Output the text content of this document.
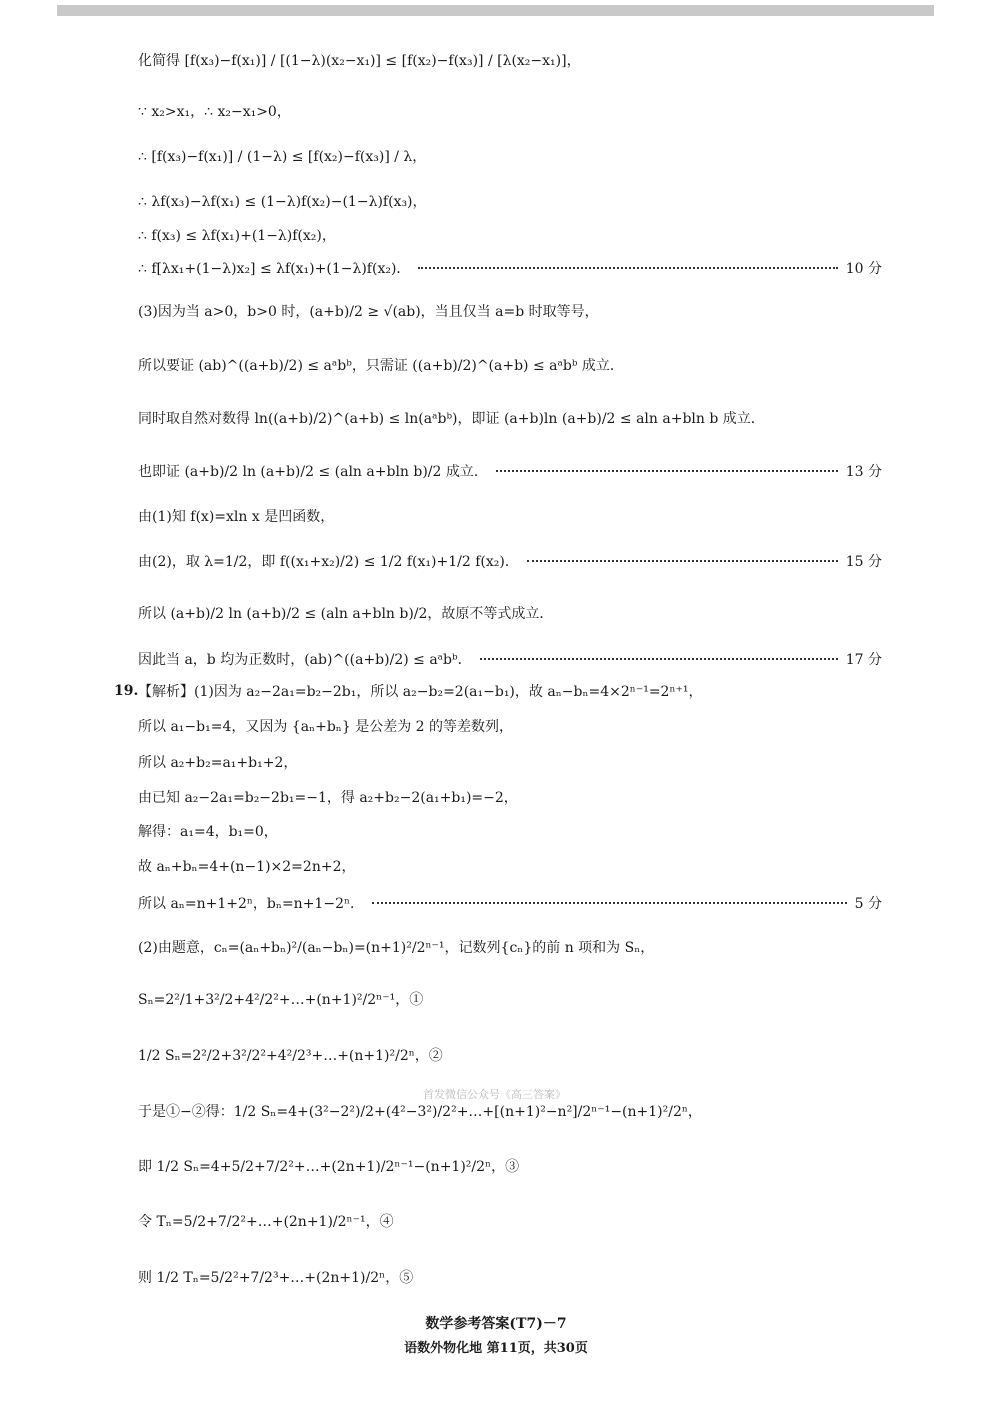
化简得 [f(x₃)−f(x₁)] / [(1−λ)(x₂−x₁)] ≤ [f(x₂)−f(x₃)] / [λ(x₂−x₁)]，
∵ x₂>x₁，∴ x₂−x₁>0，
∴ [f(x₃)−f(x₁)] / (1−λ) ≤ [f(x₂)−f(x₃)] / λ，
∴ λf(x₃)−λf(x₁) ≤ (1−λ)f(x₂)−(1−λ)f(x₃)，
∴ f(x₃) ≤ λf(x₁)+(1−λ)f(x₂)，
∴ f[λx₁+(1−λ)x₂] ≤ λf(x₁)+(1−λ)f(x₂)．	10 分
(3)因为当 a>0，b>0 时，(a+b)/2 ≥ √(ab)，当且仅当 a=b 时取等号，
所以要证 (ab)^((a+b)/2) ≤ aᵃbᵇ，只需证 ((a+b)/2)^(a+b) ≤ aᵃbᵇ 成立．
同时取自然对数得 ln((a+b)/2)^(a+b) ≤ ln(aᵃbᵇ)，即证 (a+b)ln (a+b)/2 ≤ aln a+bln b 成立．
也即证 (a+b)/2 ln (a+b)/2 ≤ (aln a+bln b)/2 成立．	13 分
由(1)知 f(x)=xln x 是凹函数，
由(2)，取 λ=1/2，即 f((x₁+x₂)/2) ≤ 1/2 f(x₁)+1/2 f(x₂)．	15 分
所以 (a+b)/2 ln (a+b)/2 ≤ (aln a+bln b)/2，故原不等式成立．
因此当 a，b 均为正数时，(ab)^((a+b)/2) ≤ aᵃbᵇ．	17 分
19. 【解析】(1)因为 a₂−2a₁=b₂−2b₁，所以 a₂−b₂=2(a₁−b₁)，故 aₙ−bₙ=4×2ⁿ⁻¹=2ⁿ⁺¹，
所以 a₁−b₁=4，又因为 {aₙ+bₙ} 是公差为 2 的等差数列，
所以 a₂+b₂=a₁+b₁+2，
由已知 a₂−2a₁=b₂−2b₁=−1，得 a₂+b₂−2(a₁+b₁)=−2，
解得：a₁=4，b₁=0，
故 aₙ+bₙ=4+(n−1)×2=2n+2，
所以 aₙ=n+1+2ⁿ，bₙ=n+1−2ⁿ．	5 分
(2)由题意，cₙ=(aₙ+bₙ)²/(aₙ−bₙ)=(n+1)²/2ⁿ⁻¹，记数列{cₙ}的前 n 项和为 Sₙ，
Sₙ=2²/1+3²/2+4²/2²+…+(n+1)²/2ⁿ⁻¹，①
1/2 Sₙ=2²/2+3²/2²+4²/2³+…+(n+1)²/2ⁿ，②
首发微信公众号《高三答案》
于是①−②得：1/2 Sₙ=4+(3²−2²)/2+(4²−3²)/2²+…+[(n+1)²−n²]/2ⁿ⁻¹−(n+1)²/2ⁿ，
即 1/2 Sₙ=4+5/2+7/2²+…+(2n+1)/2ⁿ⁻¹−(n+1)²/2ⁿ，③
令 Tₙ=5/2+7/2²+…+(2n+1)/2ⁿ⁻¹，④
则 1/2 Tₙ=5/2²+7/2³+…+(2n+1)/2ⁿ，⑤
数学参考答案(T7)－7
语数外物化地 第11页，共30页
